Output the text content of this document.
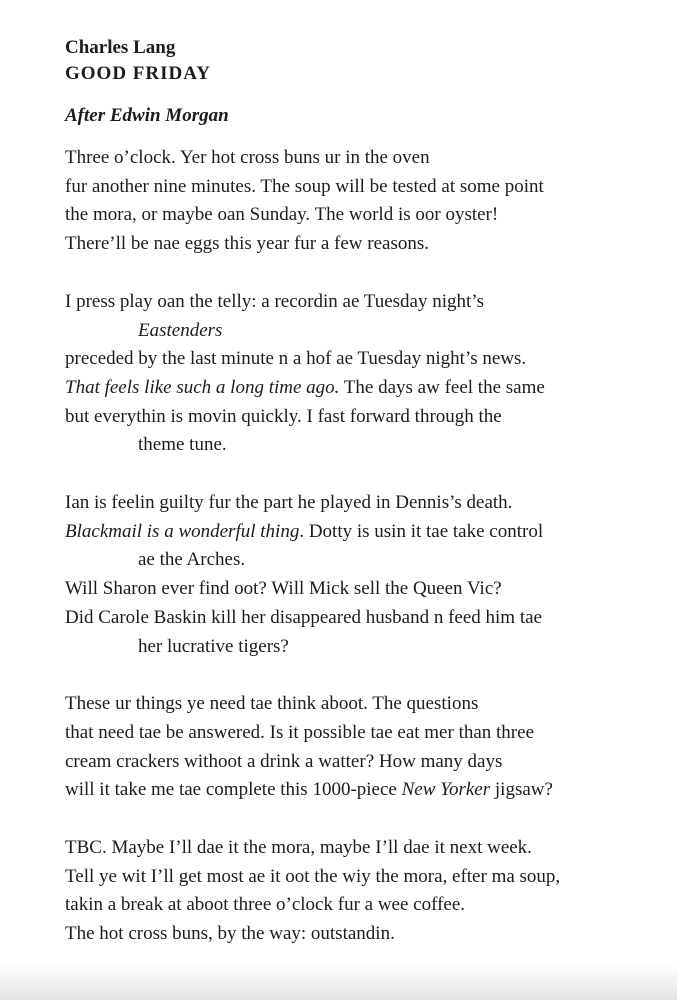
Charles Lang
GOOD FRIDAY
After Edwin Morgan
Three o’clock. Yer hot cross buns ur in the oven
fur another nine minutes. The soup will be tested at some point
the mora, or maybe oan Sunday. The world is oor oyster!
There’ll be nae eggs this year fur a few reasons.
I press play oan the telly: a recordin ae Tuesday night’s
Eastenders
preceded by the last minute n a hof ae Tuesday night’s news.
That feels like such a long time ago. The days aw feel the same
but everythin is movin quickly. I fast forward through the
theme tune.
Ian is feelin guilty fur the part he played in Dennis’s death.
Blackmail is a wonderful thing. Dotty is usin it tae take control
ae the Arches.
Will Sharon ever find oot? Will Mick sell the Queen Vic?
Did Carole Baskin kill her disappeared husband n feed him tae
her lucrative tigers?
These ur things ye need tae think aboot. The questions
that need tae be answered. Is it possible tae eat mer than three
cream crackers withoot a drink a watter? How many days
will it take me tae complete this 1000-piece New Yorker jigsaw?
TBC. Maybe I’ll dae it the mora, maybe I’ll dae it next week.
Tell ye wit I’ll get most ae it oot the wiy the mora, efter ma soup,
takin a break at aboot three o’clock fur a wee coffee.
The hot cross buns, by the way: outstandin.
